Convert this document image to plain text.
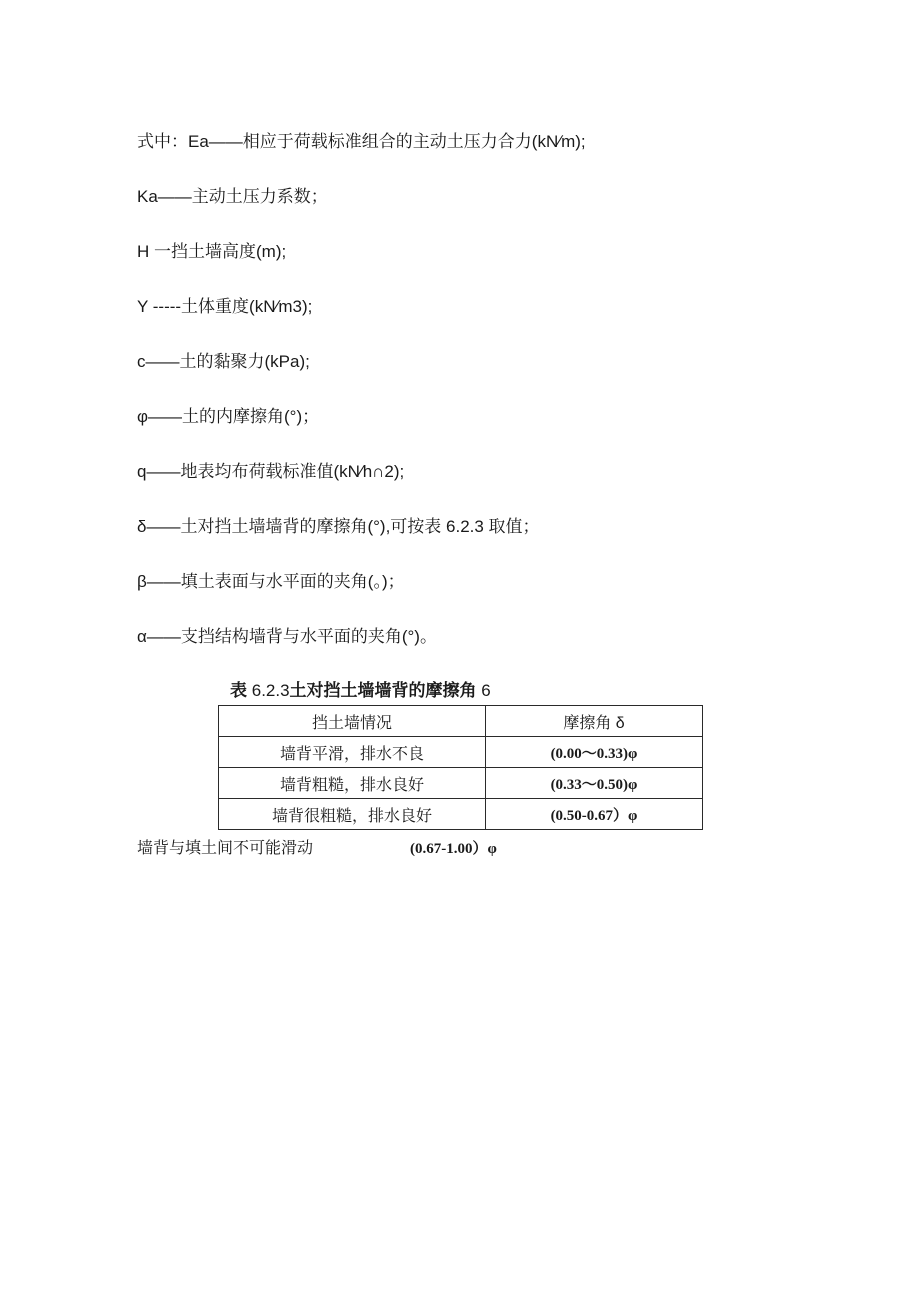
式中：Ea——相应于荷载标准组合的主动土压力合力(kN∕m);
Ka——主动土压力系数；
H 一挡土墙高度(m);
Y -----土体重度(kN∕m3);
c——土的黏聚力(kPa);
φ——土的内摩擦角(°)；
q——地表均布荷载标准值(kN∕h∩2);
δ——土对挡土墙墙背的摩擦角(°),可按表 6.2.3 取值；
β——填土表面与水平面的夹角(。)；
α——支挡结构墙背与水平面的夹角(°)。
表 6.2.3土对挡土墙墙背的摩擦角 6
挡土墙情况	摩擦角 δ
墙背平滑，排水不良	(0.00～0.33)φ
墙背粗糙，排水良好	(0.33～0.50)φ
墙背很粗糙，排水良好	(0.50-0.67）φ
墙背与填土间不可能滑动	(0.67-1.00）φ
